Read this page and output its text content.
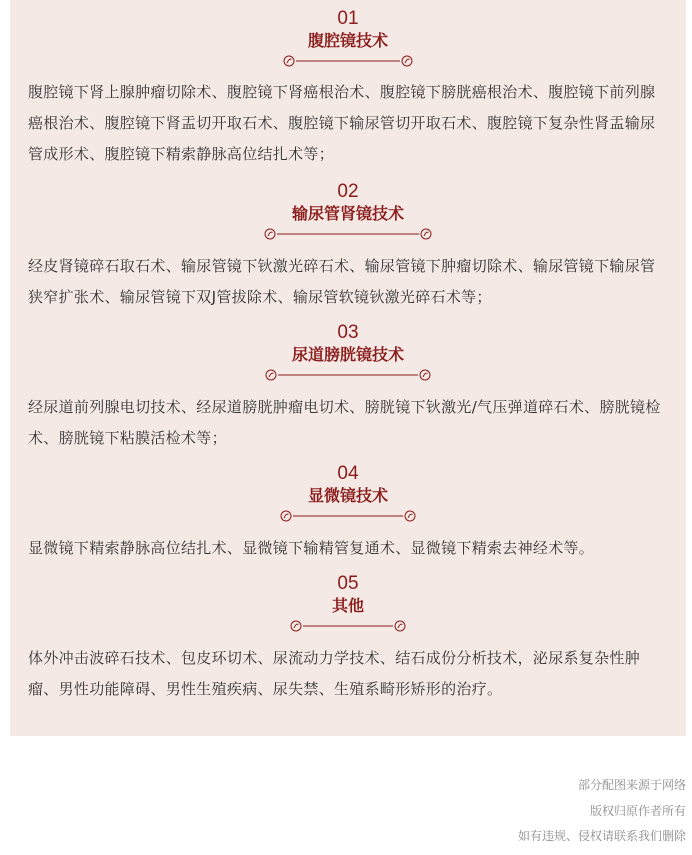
01
腹腔镜技术
腹腔镜下肾上腺肿瘤切除术、腹腔镜下肾癌根治术、腹腔镜下膀胱癌根治术、腹腔镜下前列腺癌根治术、腹腔镜下肾盂切开取石术、腹腔镜下输尿管切开取石术、腹腔镜下复杂性肾盂输尿管成形术、腹腔镜下精索静脉高位结扎术等；
02
输尿管肾镜技术
经皮肾镜碎石取石术、输尿管镜下钬激光碎石术、输尿管镜下肿瘤切除术、输尿管镜下输尿管狭窄扩张术、输尿管镜下双J管拔除术、输尿管软镜钬激光碎石术等；
03
尿道膀胱镜技术
经尿道前列腺电切技术、经尿道膀胱肿瘤电切术、膀胱镜下钬激光/气压弹道碎石术、膀胱镜检术、膀胱镜下粘膜活检术等；
04
显微镜技术
显微镜下精索静脉高位结扎术、显微镜下输精管复通术、显微镜下精索去神经术等。
05
其他
体外冲击波碎石技术、包皮环切术、尿流动力学技术、结石成份分析技术，泌尿系复杂性肿瘤、男性功能障碍、男性生殖疾病、尿失禁、生殖系畸形矫形的治疗。
部分配图来源于网络
版权归原作者所有
如有违规、侵权请联系我们删除
